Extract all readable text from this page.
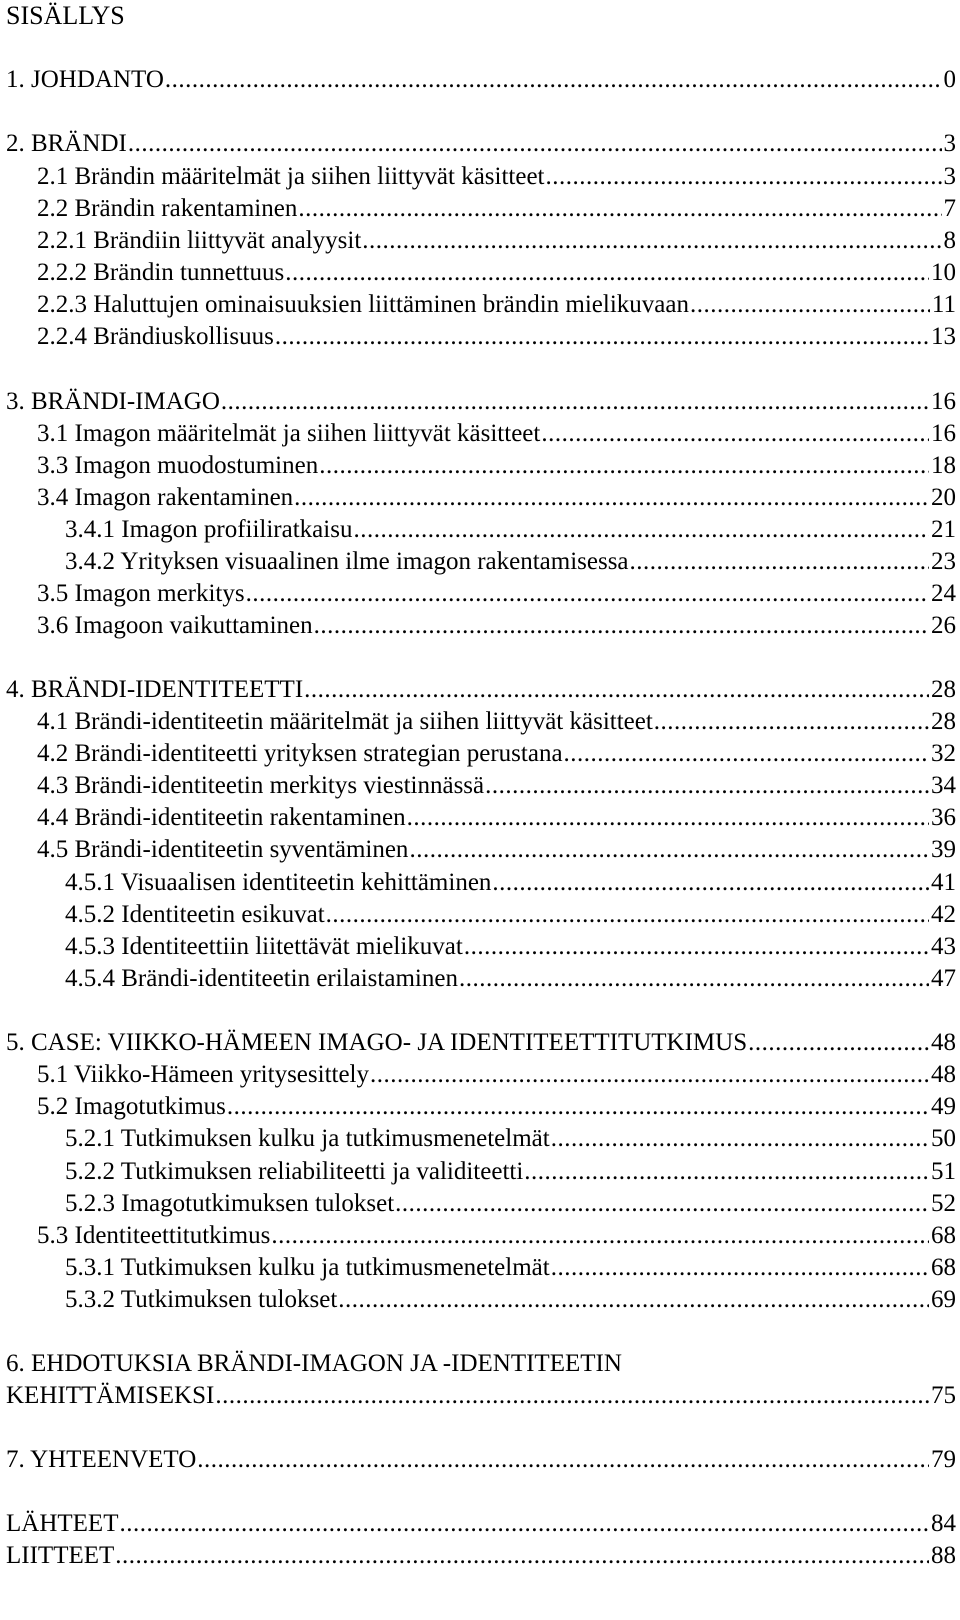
SISÄLLYS
1. JOHDANTO .....	0
2. BRÄNDI .....	3
2.1 Brändin määritelmät ja siihen liittyvät käsitteet .....	3
2.2 Brändin rakentaminen .....	7
2.2.1 Brändiin liittyvät analyysit .....	8
2.2.2 Brändin tunnettuus .....	10
2.2.3 Haluttujen ominaisuuksien liittäminen brändin mielikuvaan .....	11
2.2.4 Brändiuskollisuus .....	13
3. BRÄNDI-IMAGO .....	16
3.1 Imagon määritelmät ja siihen liittyvät käsitteet .....	16
3.3 Imagon muodostuminen .....	18
3.4 Imagon rakentaminen .....	20
3.4.1 Imagon profiiliratkaisu .....	21
3.4.2 Yrityksen visuaalinen ilme imagon rakentamisessa .....	23
3.5 Imagon merkitys .....	24
3.6 Imagoon vaikuttaminen .....	26
4. BRÄNDI-IDENTITEETTI .....	28
4.1 Brändi-identiteetin määritelmät ja siihen liittyvät käsitteet .....	28
4.2 Brändi-identiteetti yrityksen strategian perustana .....	32
4.3 Brändi-identiteetin merkitys viestinnässä .....	34
4.4 Brändi-identiteetin rakentaminen .....	36
4.5 Brändi-identiteetin syventäminen .....	39
4.5.1 Visuaalisen identiteetin kehittäminen .....	41
4.5.2 Identiteetin esikuvat .....	42
4.5.3 Identiteettiin liitettävät mielikuvat .....	43
4.5.4 Brändi-identiteetin erilaistaminen .....	47
5. CASE: VIIKKO-HÄMEEN IMAGO- JA IDENTITEETTITUTKIMUS .....	48
5.1 Viikko-Hämeen yritysesittely .....	48
5.2 Imagotutkimus .....	49
5.2.1 Tutkimuksen kulku ja tutkimusmenetelmät .....	50
5.2.2 Tutkimuksen reliabiliteetti ja validiteetti .....	51
5.2.3 Imagotutkimuksen tulokset .....	52
5.3 Identiteettitutkimus .....	68
5.3.1 Tutkimuksen kulku ja tutkimusmenetelmät .....	68
5.3.2 Tutkimuksen tulokset .....	69
6. EHDOTUKSIA BRÄNDI-IMAGON JA -IDENTITEETIN
KEHITTÄMISEKSI .....	75
7. YHTEENVETO .....	79
LÄHTEET .....	84
LIITTEET .....	88
